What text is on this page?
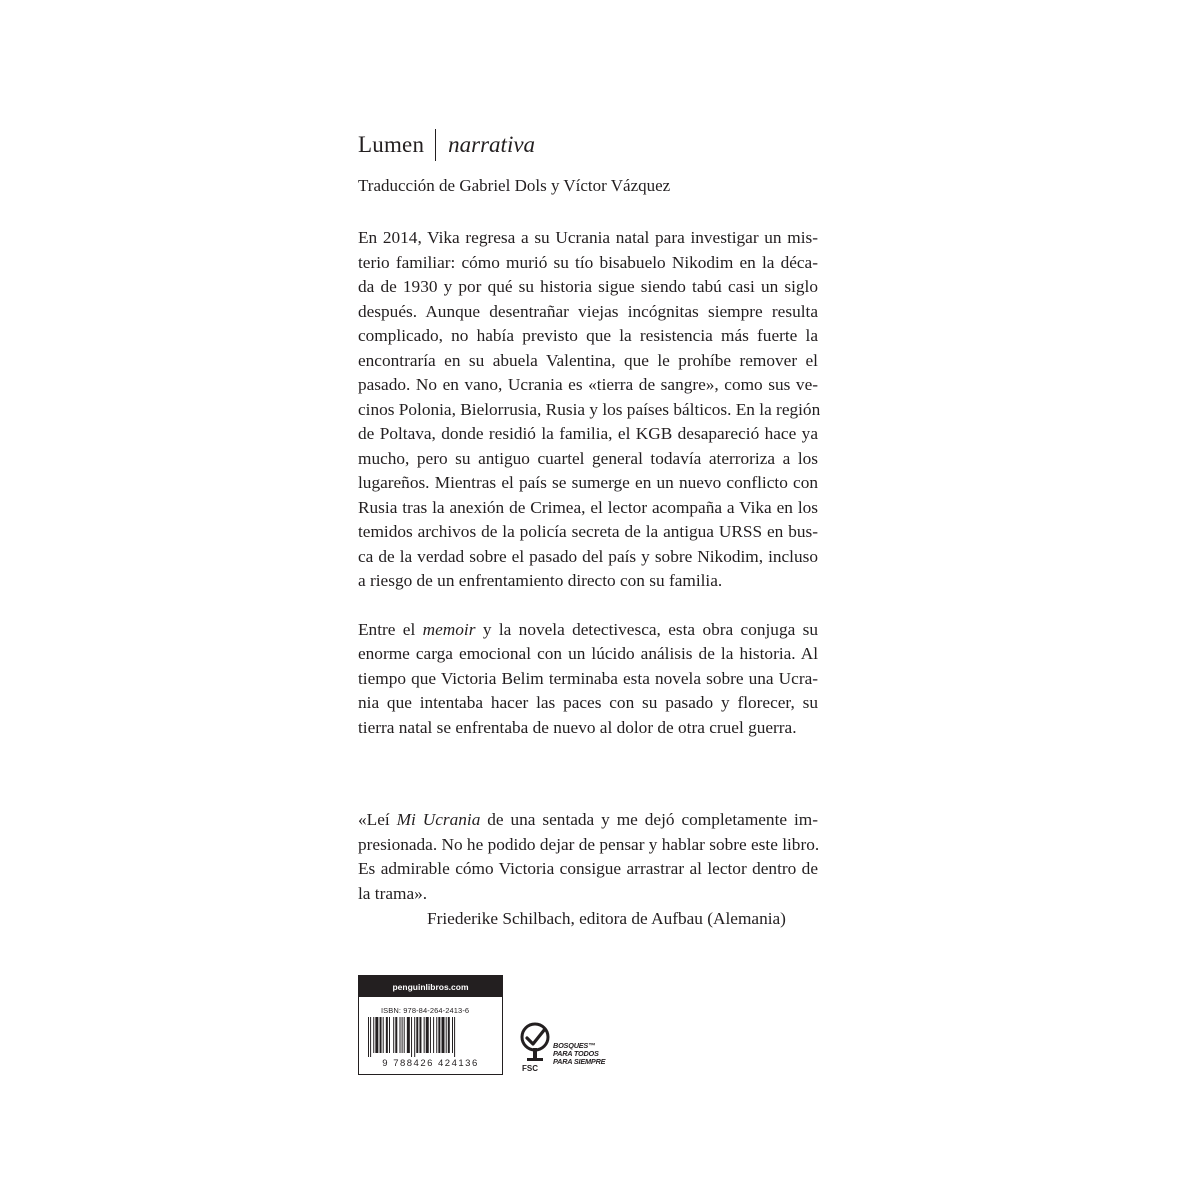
Lumen narrativa
Traducción de Gabriel Dols y Víctor Vázquez
En 2014, Vika regresa a su Ucrania natal para investigar un mis-
terio familiar: cómo murió su tío bisabuelo Nikodim en la déca-
da de 1930 y por qué su historia sigue siendo tabú casi un siglo
después. Aunque desentrañar viejas incógnitas siempre resulta
complicado, no había previsto que la resistencia más fuerte la
encontraría en su abuela Valentina, que le prohíbe remover el
pasado. No en vano, Ucrania es «tierra de sangre», como sus ve-
cinos Polonia, Bielorrusia, Rusia y los países bálticos. En la región
de Poltava, donde residió la familia, el KGB desapareció hace ya
mucho, pero su antiguo cuartel general todavía aterroriza a los
lugareños. Mientras el país se sumerge en un nuevo conflicto con
Rusia tras la anexión de Crimea, el lector acompaña a Vika en los
temidos archivos de la policía secreta de la antigua URSS en bus-
ca de la verdad sobre el pasado del país y sobre Nikodim, incluso
a riesgo de un enfrentamiento directo con su familia.
Entre el memoir y la novela detectivesca, esta obra conjuga su
enorme carga emocional con un lúcido análisis de la historia. Al
tiempo que Victoria Belim terminaba esta novela sobre una Ucra-
nia que intentaba hacer las paces con su pasado y florecer, su
tierra natal se enfrentaba de nuevo al dolor de otra cruel guerra.
«Leí Mi Ucrania de una sentada y me dejó completamente im-
presionada. No he podido dejar de pensar y hablar sobre este libro.
Es admirable cómo Victoria consigue arrastrar al lector dentro de
la trama».
Friederike Schilbach, editora de Aufbau (Alemania)
penguinlibros.com
ISBN: 978-84-264-2413-6
9 788426 424136	FSC
BOSQUES™
PARA TODOS
PARA SIEMPRE
